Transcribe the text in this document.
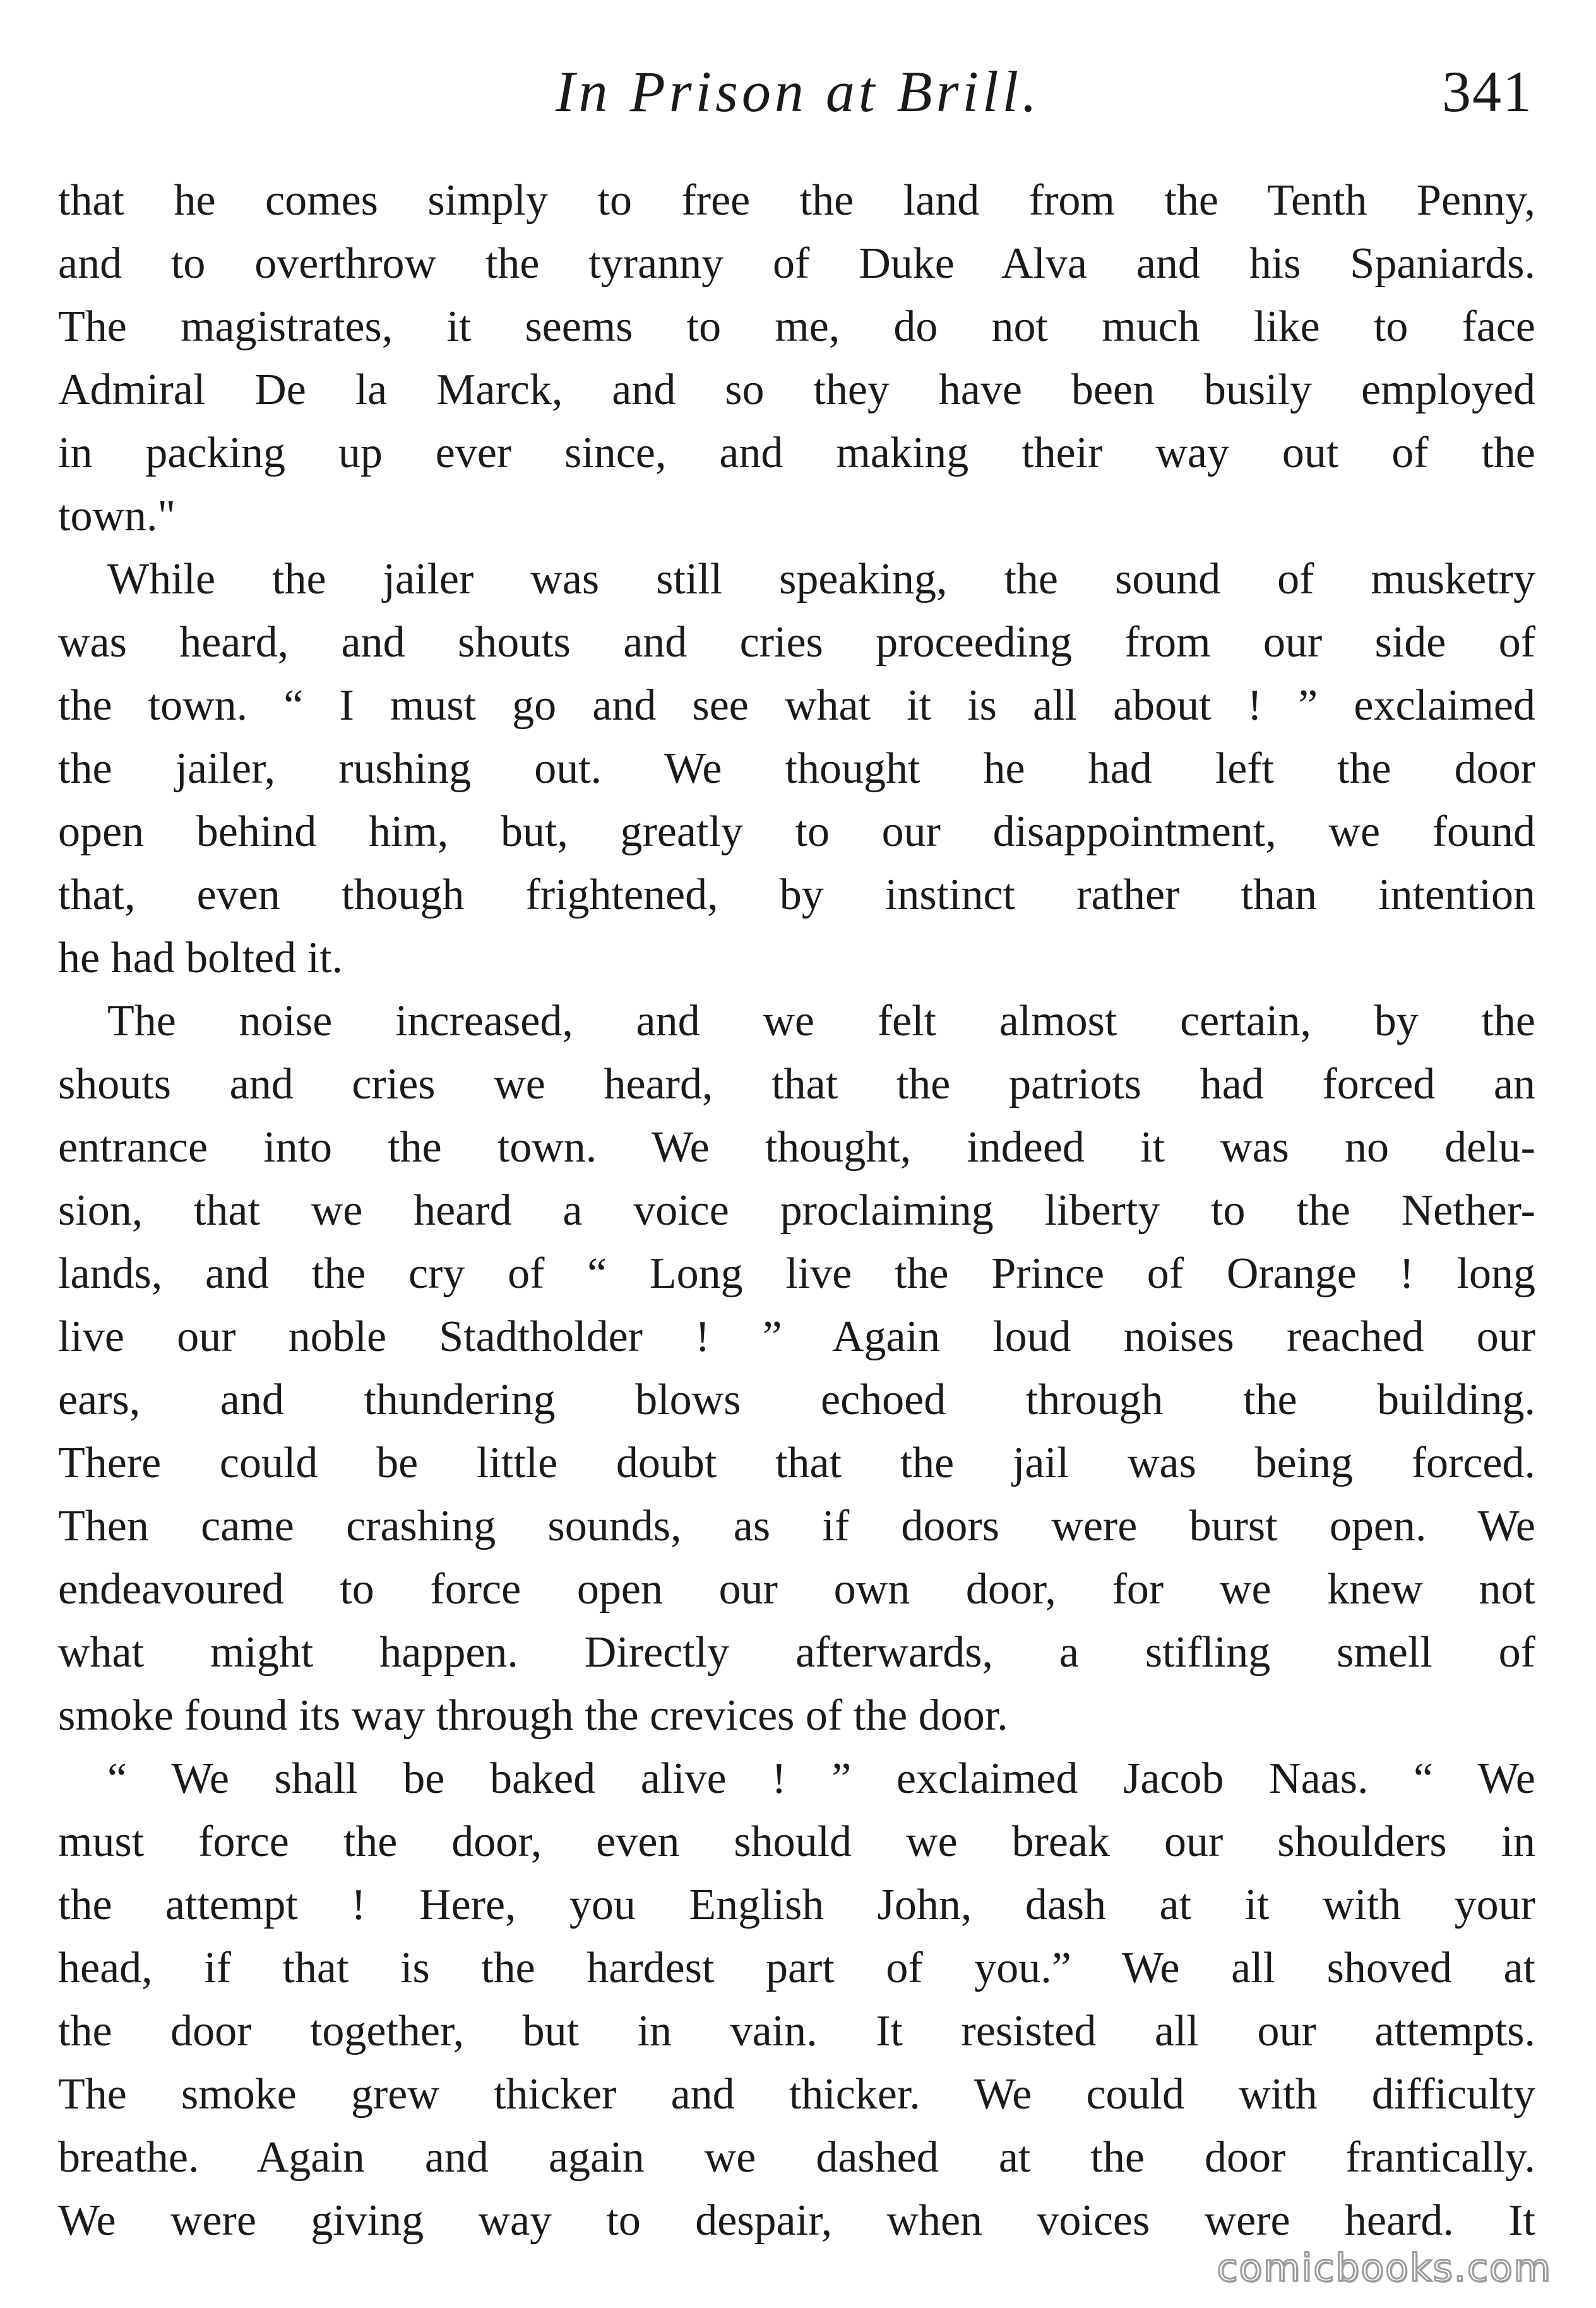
In Prison at Brill.	341
that he comes simply to free the land from the Tenth Penny,
and to overthrow the tyranny of Duke Alva and his Spaniards.
The magistrates, it seems to me, do not much like to face
Admiral De la Marck, and so they have been busily employed
in packing up ever since, and making their way out of the
town."
While the jailer was still speaking, the sound of musketry
was heard, and shouts and cries proceeding from our side of
the town. “ I must go and see what it is all about ! ” exclaimed
the jailer, rushing out. We thought he had left the door
open behind him, but, greatly to our disappointment, we found
that, even though frightened, by instinct rather than intention
he had bolted it.
The noise increased, and we felt almost certain, by the
shouts and cries we heard, that the patriots had forced an
entrance into the town. We thought, indeed it was no delu-
sion, that we heard a voice proclaiming liberty to the Nether-
lands, and the cry of “ Long live the Prince of Orange ! long
live our noble Stadtholder ! ” Again loud noises reached our
ears, and thundering blows echoed through the building.
There could be little doubt that the jail was being forced.
Then came crashing sounds, as if doors were burst open. We
endeavoured to force open our own door, for we knew not
what might happen. Directly afterwards, a stifling smell of
smoke found its way through the crevices of the door.
“ We shall be baked alive ! ” exclaimed Jacob Naas. “ We
must force the door, even should we break our shoulders in
the attempt ! Here, you English John, dash at it with your
head, if that is the hardest part of you.” We all shoved at
the door together, but in vain. It resisted all our attempts.
The smoke grew thicker and thicker. We could with difficulty
breathe. Again and again we dashed at the door frantically.
We were giving way to despair, when voices were heard. It
comicbooks.com
